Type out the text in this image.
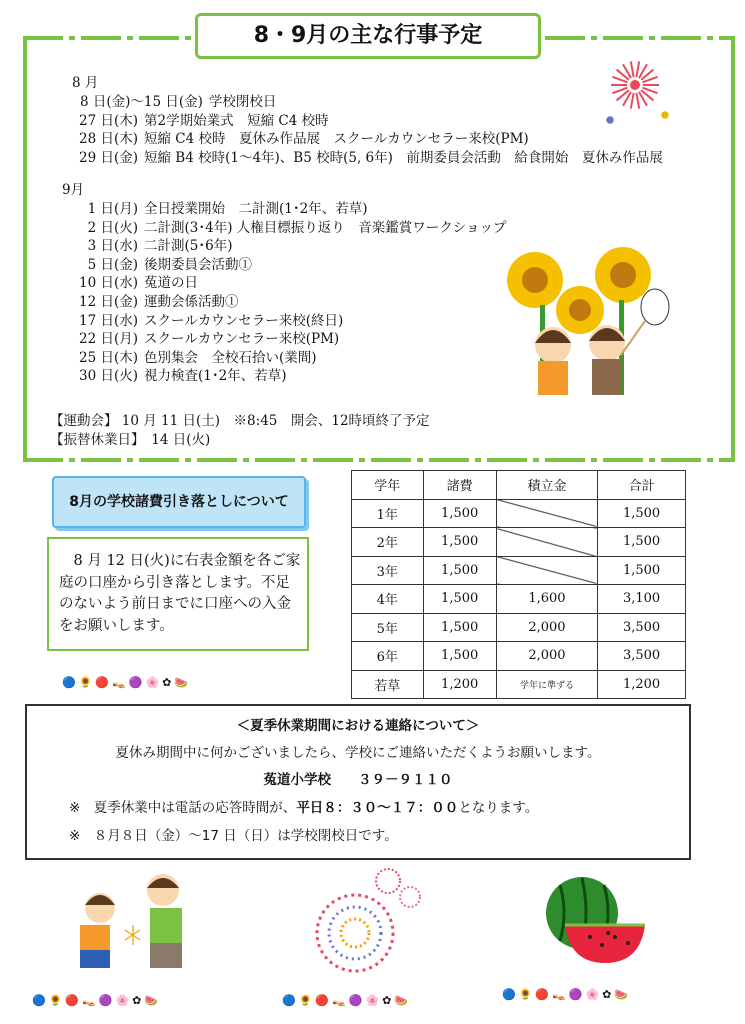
8・9月の主な行事予定
8 月
8 日(金)〜15 日(金) 学校閉校日
27 日(木) 第2学期始業式　短縮 C4 校時
28 日(木) 短縮 C4 校時　夏休み作品展　スクールカウンセラー来校(PM)
29 日(金) 短縮 B4 校時(1～4年)、B5 校時(5, 6年)　前期委員会活動　給食開始　夏休み作品展
9月
1 日(月) 全日授業開始　二計測(1･2年、若草)
2 日(火) 二計測(3･4年) 人権目標振り返り　音楽鑑賞ワークショップ
3 日(水) 二計測(5･6年)
5 日(金) 後期委員会活動①
10 日(水) 菟道の日
12 日(金) 運動会係活動①
17 日(水) スクールカウンセラー来校(終日)
22 日(月) スクールカウンセラー来校(PM)
25 日(木) 色別集会　全校石拾い(業間)
30 日(火) 視力検査(1･2年、若草)
【運動会】 10 月 11 日(土)　※8:45　開会、12時頃終了予定
【振替休業日】　14 日(火)
8月の学校諸費引き落としについて
　8 月 12 日(火)に右表金額を各ご家庭の口座から引き落とします。不足のないよう前日までに口座への入金をお願いします。
🔵🌻🔴👡🟣🌸✿🍉
学年	諸費	積立金	合計
1年	1,500		1,500
2年	1,500		1,500
3年	1,500		1,500
4年	1,500	1,600	3,100
5年	1,500	2,000	3,500
6年	1,500	2,000	3,500
若草	1,200	学年に準ずる	1,200
＜夏季休業期間における連絡について＞
夏休み期間中に何かございましたら、学校にご連絡いただくようお願いします。
菟道小学校　　 ３９－９１１０
※　夏季休業中は電話の応答時間が、平日８：３０～１７：００となります。
※　８月８日（金）～17 日（日）は学校閉校日です。
🔵🌻🔴👡🟣🌸✿🍉	🔵🌻🔴👡🟣🌸✿🍉	🔵🌻🔴👡🟣🌸✿🍉
